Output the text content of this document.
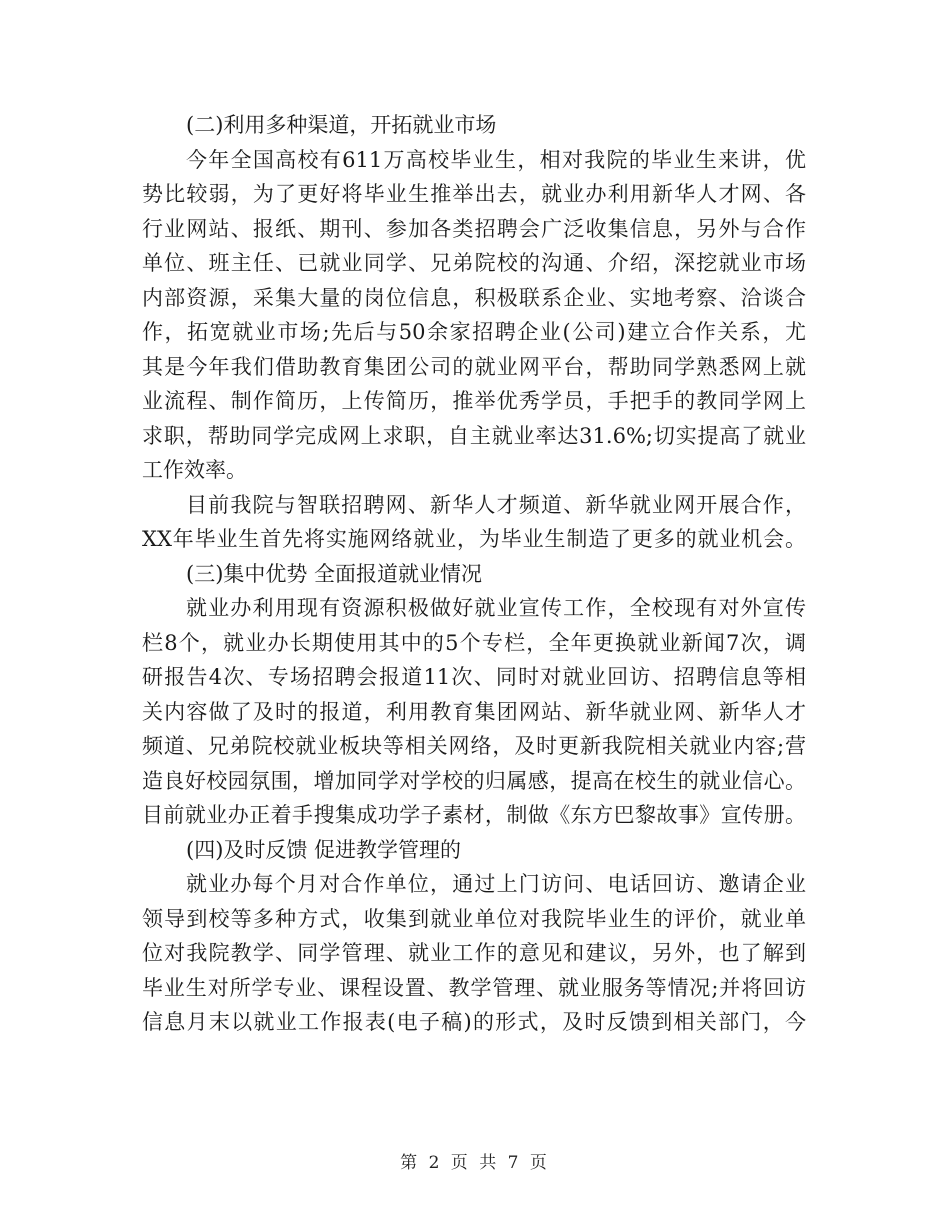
(二)利用多种渠道，开拓就业市场
今年全国高校有611万高校毕业生，相对我院的毕业生来讲，优
势比较弱，为了更好将毕业生推举出去，就业办利用新华人才网、各
行业网站、报纸、期刊、参加各类招聘会广泛收集信息，另外与合作
单位、班主任、已就业同学、兄弟院校的沟通、介绍，深挖就业市场
内部资源，采集大量的岗位信息，积极联系企业、实地考察、洽谈合
作，拓宽就业市场;先后与50余家招聘企业(公司)建立合作关系，尤
其是今年我们借助教育集团公司的就业网平台，帮助同学熟悉网上就
业流程、制作简历，上传简历，推举优秀学员，手把手的教同学网上
求职，帮助同学完成网上求职，自主就业率达31.6%;切实提高了就业
工作效率。
目前我院与智联招聘网、新华人才频道、新华就业网开展合作，
XX年毕业生首先将实施网络就业，为毕业生制造了更多的就业机会。
(三)集中优势 全面报道就业情况
就业办利用现有资源积极做好就业宣传工作，全校现有对外宣传
栏8个，就业办长期使用其中的5个专栏，全年更换就业新闻7次，调
研报告4次、专场招聘会报道11次、同时对就业回访、招聘信息等相
关内容做了及时的报道，利用教育集团网站、新华就业网、新华人才
频道、兄弟院校就业板块等相关网络，及时更新我院相关就业内容;营
造良好校园氛围，增加同学对学校的归属感，提高在校生的就业信心。
目前就业办正着手搜集成功学子素材，制做《东方巴黎故事》宣传册。
(四)及时反馈 促进教学管理的
就业办每个月对合作单位，通过上门访问、电话回访、邀请企业
领导到校等多种方式，收集到就业单位对我院毕业生的评价，就业单
位对我院教学、同学管理、就业工作的意见和建议，另外，也了解到
毕业生对所学专业、课程设置、教学管理、就业服务等情况;并将回访
信息月末以就业工作报表(电子稿)的形式，及时反馈到相关部门，今
第 2 页 共 7 页
